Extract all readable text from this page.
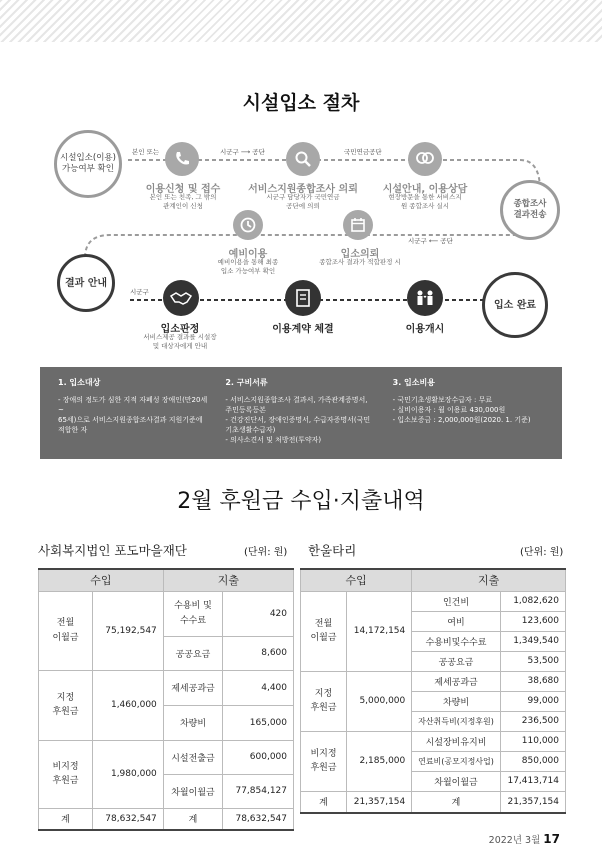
시설입소 절차
시설입소(이용)
가능여부 확인
종합조사
결과전송
결과 안내
입소 완료
본인 또는	시군구 ⟶ 공단	국민연금공단
시군구 ⟵ 공단
시군구
이용신청 및 접수
본인 또는 친족, 그 밖의
관계인이 신청
서비스지원종합조사 의뢰
시군구 담당자가 국민연금
공단에 의뢰
시설안내, 이용상담
현장방문을 통한 서비스지
원 종합조사 실시
예비이용
예비이용을 통해 최종
입소 가능여부 확인
입소의뢰
종합조사 결과가 적합판정 시
입소판정
서비스제공 결과를 시설장
및 대상자에게 안내
이용계약 체결	이용개시
1. 입소대상

- 장애의 정도가 심한 지적 자폐성 장애인(만20세~
65세)으로 서비스지원종합조사결과 지원기준에
적합한 자

2. 구비서류

- 서비스지원종합조사 결과서, 가족관계증명서,
주민등록등본
- 건강진단서, 장애인증명서, 수급자증명서(국민
기초생활수급자)
- 의사소견서 및 처방전(투약자)

3. 입소비용

- 국민기초생활보장수급자 : 무료
- 실비이용자 : 월 이용료 430,000원
- 입소보증금 : 2,000,000원(2020. 1. 기준)

2월 후원금 수입·지출내역
사회복지법인 포도마을재단	(단위: 원) 한울타리	(단위: 원)
수입		지출	
전월
이월금	75,192,547	수용비 및
수수료	420
		공공요금	8,600
지정
후원금	1,460,000	제세공과금	4,400
		차량비	165,000
비지정
후원금	1,980,000	시설전출금	600,000
		차월이월금	77,854,127
계	78,632,547	계	78,632,547
수입		지출	
전월
이월금	14,172,154	인건비	1,082,620
		여비	123,600
		수용비및수수료	1,349,540
		공공요금	53,500
지정
후원금	5,000,000	제세공과금	38,680
		차량비	99,000
		자산취득비(지정후원)	236,500
비지정
후원금	2,185,000	시설장비유지비	110,000
		연료비(공모지정사업)	850,000
		차월이월금	17,413,714
계	21,357,154	계	21,357,154
2022년 3월 17
